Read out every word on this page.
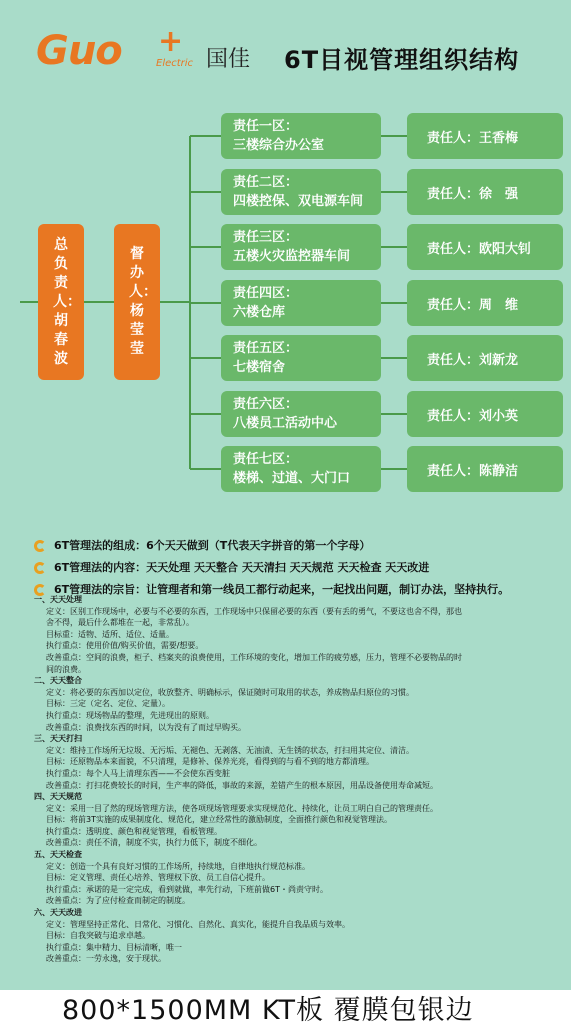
Guo +
Electric 国佳 6T目视管理组织结构
总负责人：胡春波
督办人：杨莹莹
责任一区：
三楼综合办公室	责任人：王香梅
责任二区：
四楼控保、双电源车间	责任人：徐　强
责任三区：
五楼火灾监控器车间	责任人：欧阳大钊
责任四区：
六楼仓库	责任人：周　维
责任五区：
七楼宿舍	责任人：刘新龙
责任六区：
八楼员工活动中心	责任人：刘小英
责任七区：
楼梯、过道、大门口	责任人：陈静洁
6T管理法的组成：6个天天做到（T代表天字拼音的第一个字母）
6T管理法的内容：天天处理 天天整合 天天清扫 天天规范 天天检查 天天改进
6T管理法的宗旨：让管理者和第一线员工都行动起来，一起找出问题，制订办法，坚持执行。
一、天天处理
定义：区别工作现场中，必要与不必要的东西，工作现场中只保留必要的东西（要有丢的勇气，不要这也舍不得，那也
舍不得，最后什么都堆在一起，非常乱）。
目标重：适物、适所、适位、适量。
执行重点：使用价值/购买价值，需要/想要。
改善重点：空间的浪费，柜子、档案夹的浪费使用，工作环境的变化，增加工作的疲劳感，压力，管理不必要物品的时
间的浪费。
二、天天整合
定义：将必要的东西加以定位，收放整齐、明确标示，保证随时可取用的状态，养成物品归原位的习惯。
目标：三定（定名、定位、定量）。
执行重点：现场物品的整理，先进现出的原则。
改善重点：浪费找东西的时间，以为没有了而过早购买。
三、天天打扫
定义：维持工作场所无垃圾、无污垢、无褪色、无剥落、无油渍、无生锈的状态，打扫用其定位、清洁。
目标：还原物品本来面貌，不只清理，是修补、保养光亮，看得到的与看不到的地方都清理。
执行重点：每个人马上清理东西——不会使东西变脏
改善重点：打扫花费较长的时间，生产率的降低，事故的来源，差错产生的根本原因，用品设备使用寿命减短。
四、天天规范
定义：采用一目了然的现场管理方法，使各项现场管理要求实现规范化、持续化，让员工明白自己的管理责任。
目标：将前3T实施的成果制度化、规范化，建立经常性的激励制度，全面推行颜色和视觉管理法。
执行重点：透明度、颜色和视觉管理，看板管理。
改善重点：责任不清，制度不实，执行力低下，制度不细化。
五、天天检查
定义：创造一个具有良好习惯的工作场所，持续地，自律地执行规范标准。
目标：定义管理、责任心培养、管理权下放、员工自信心提升。
执行重点：承诺的是一定完成，看到就做，率先行动，下班前做6T・尚责守时。
改善重点：为了应付检查而制定的制度。
六、天天改进
定义：管理坚持正常化、日常化、习惯化、自然化、真实化，能提升自我品质与效率。
目标：自我突破与追求卓越。
执行重点：集中精力、目标清晰，唯一
改善重点：一劳永逸，安于现状。
800*1500MM KT板 覆膜包银边
